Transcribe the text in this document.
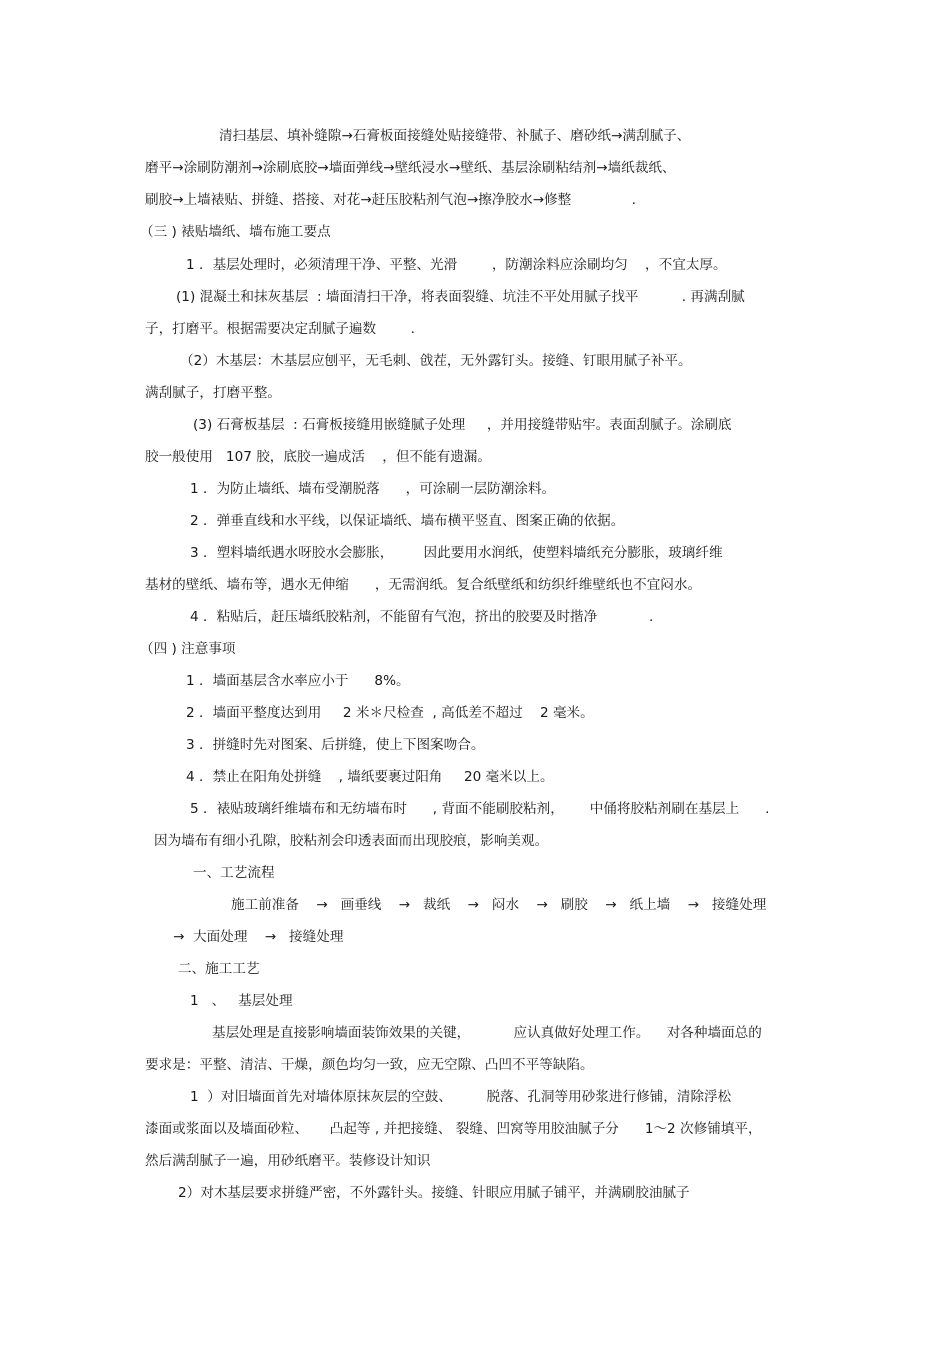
清扫基层、填补缝隙→石膏板面接缝处贴接缝带、补腻子、磨砂纸→满刮腻子、
磨平→涂刷防潮剂→涂刷底胶→墙面弹线→壁纸浸水→壁纸、基层涂刷粘结剂→墙纸裁纸、
刷胶→上墙裱贴、拼缝、搭接、对花→赶压胶粘剂气泡→擦净胶水→修整              .
（三 ) 裱贴墙纸、墙布施工要点
1 ．基层处理时，必须清理干净、平整、光滑        ，防潮涂料应涂刷均匀    ，不宜太厚。
(1) 混凝土和抹灰基层  : 墙面清扫干净，将表面裂缝、坑洼不平处用腻子找平          . 再满刮腻
子，打磨平。根据需要决定刮腻子遍数        .
（2）木基层：木基层应刨平，无毛刺、戗茬，无外露钉头。接缝、钉眼用腻子补平。
满刮腻子，打磨平整。
(3) 石膏板基层  : 石膏板接缝用嵌缝腻子处理     ，并用接缝带贴牢。表面刮腻子。涂刷底
胶一般使用   107 胶，底胶一遍成活    ，但不能有遗漏。
1 ．为防止墙纸、墙布受潮脱落      ，可涂刷一层防潮涂料。
2 ．弹垂直线和水平线，以保证墙纸、墙布横平竖直、图案正确的依据。
3 ．塑料墙纸遇水呀胶水会膨胀，       因此要用水润纸，使塑料墙纸充分膨胀，玻璃纤维
基材的壁纸、墙布等，遇水无伸缩      ，无需润纸。复合纸壁纸和纺织纤维壁纸也不宜闷水。
4 ．粘贴后，赶压墙纸胶粘剂，不能留有气泡，挤出的胶要及时揩净            .
（四 ) 注意事项
1 ．墙面基层含水率应小于      8%。
2 ．墙面平整度达到用     2 米＊尺检查  , 高低差不超过    2 毫米。
3 ．拼缝时先对图案、后拼缝，使上下图案吻合。
4 ．禁止在阳角处拼缝    , 墙纸要裹过阳角     20 毫米以上。
5 ．裱贴玻璃纤维墙布和无纺墙布时      , 背面不能刷胶粘剂，      中俑将胶粘剂刷在基层上      .
因为墙布有细小孔隙，胶粘剂会印透表面而出现胶痕，影响美观。
一、工艺流程
施工前准备    →   画垂线    →   裁纸    →   闷水    →   刷胶    →   纸上墙    →   接缝处理
→  大面处理    →   接缝处理
二、施工工艺
1   、   基层处理
基层处理是直接影响墙面装饰效果的关键，          应认真做好处理工作。    对各种墙面总的
要求是：平整、清洁、干燥，颜色均匀一致，应无空隙、凸凹不平等缺陷。
1  ）对旧墙面首先对墙体原抹灰层的空鼓、        脱落、孔洞等用砂浆进行修铺，清除浮松
漆面或浆面以及墙面砂粒、     凸起等 , 并把接缝、 裂缝、凹窝等用胶油腻子分      1～2 次修铺填平，
然后满刮腻子一遍，用砂纸磨平。装修设计知识
2）对木基层要求拼缝严密，不外露针头。接缝、针眼应用腻子铺平，并满刷胶油腻子
